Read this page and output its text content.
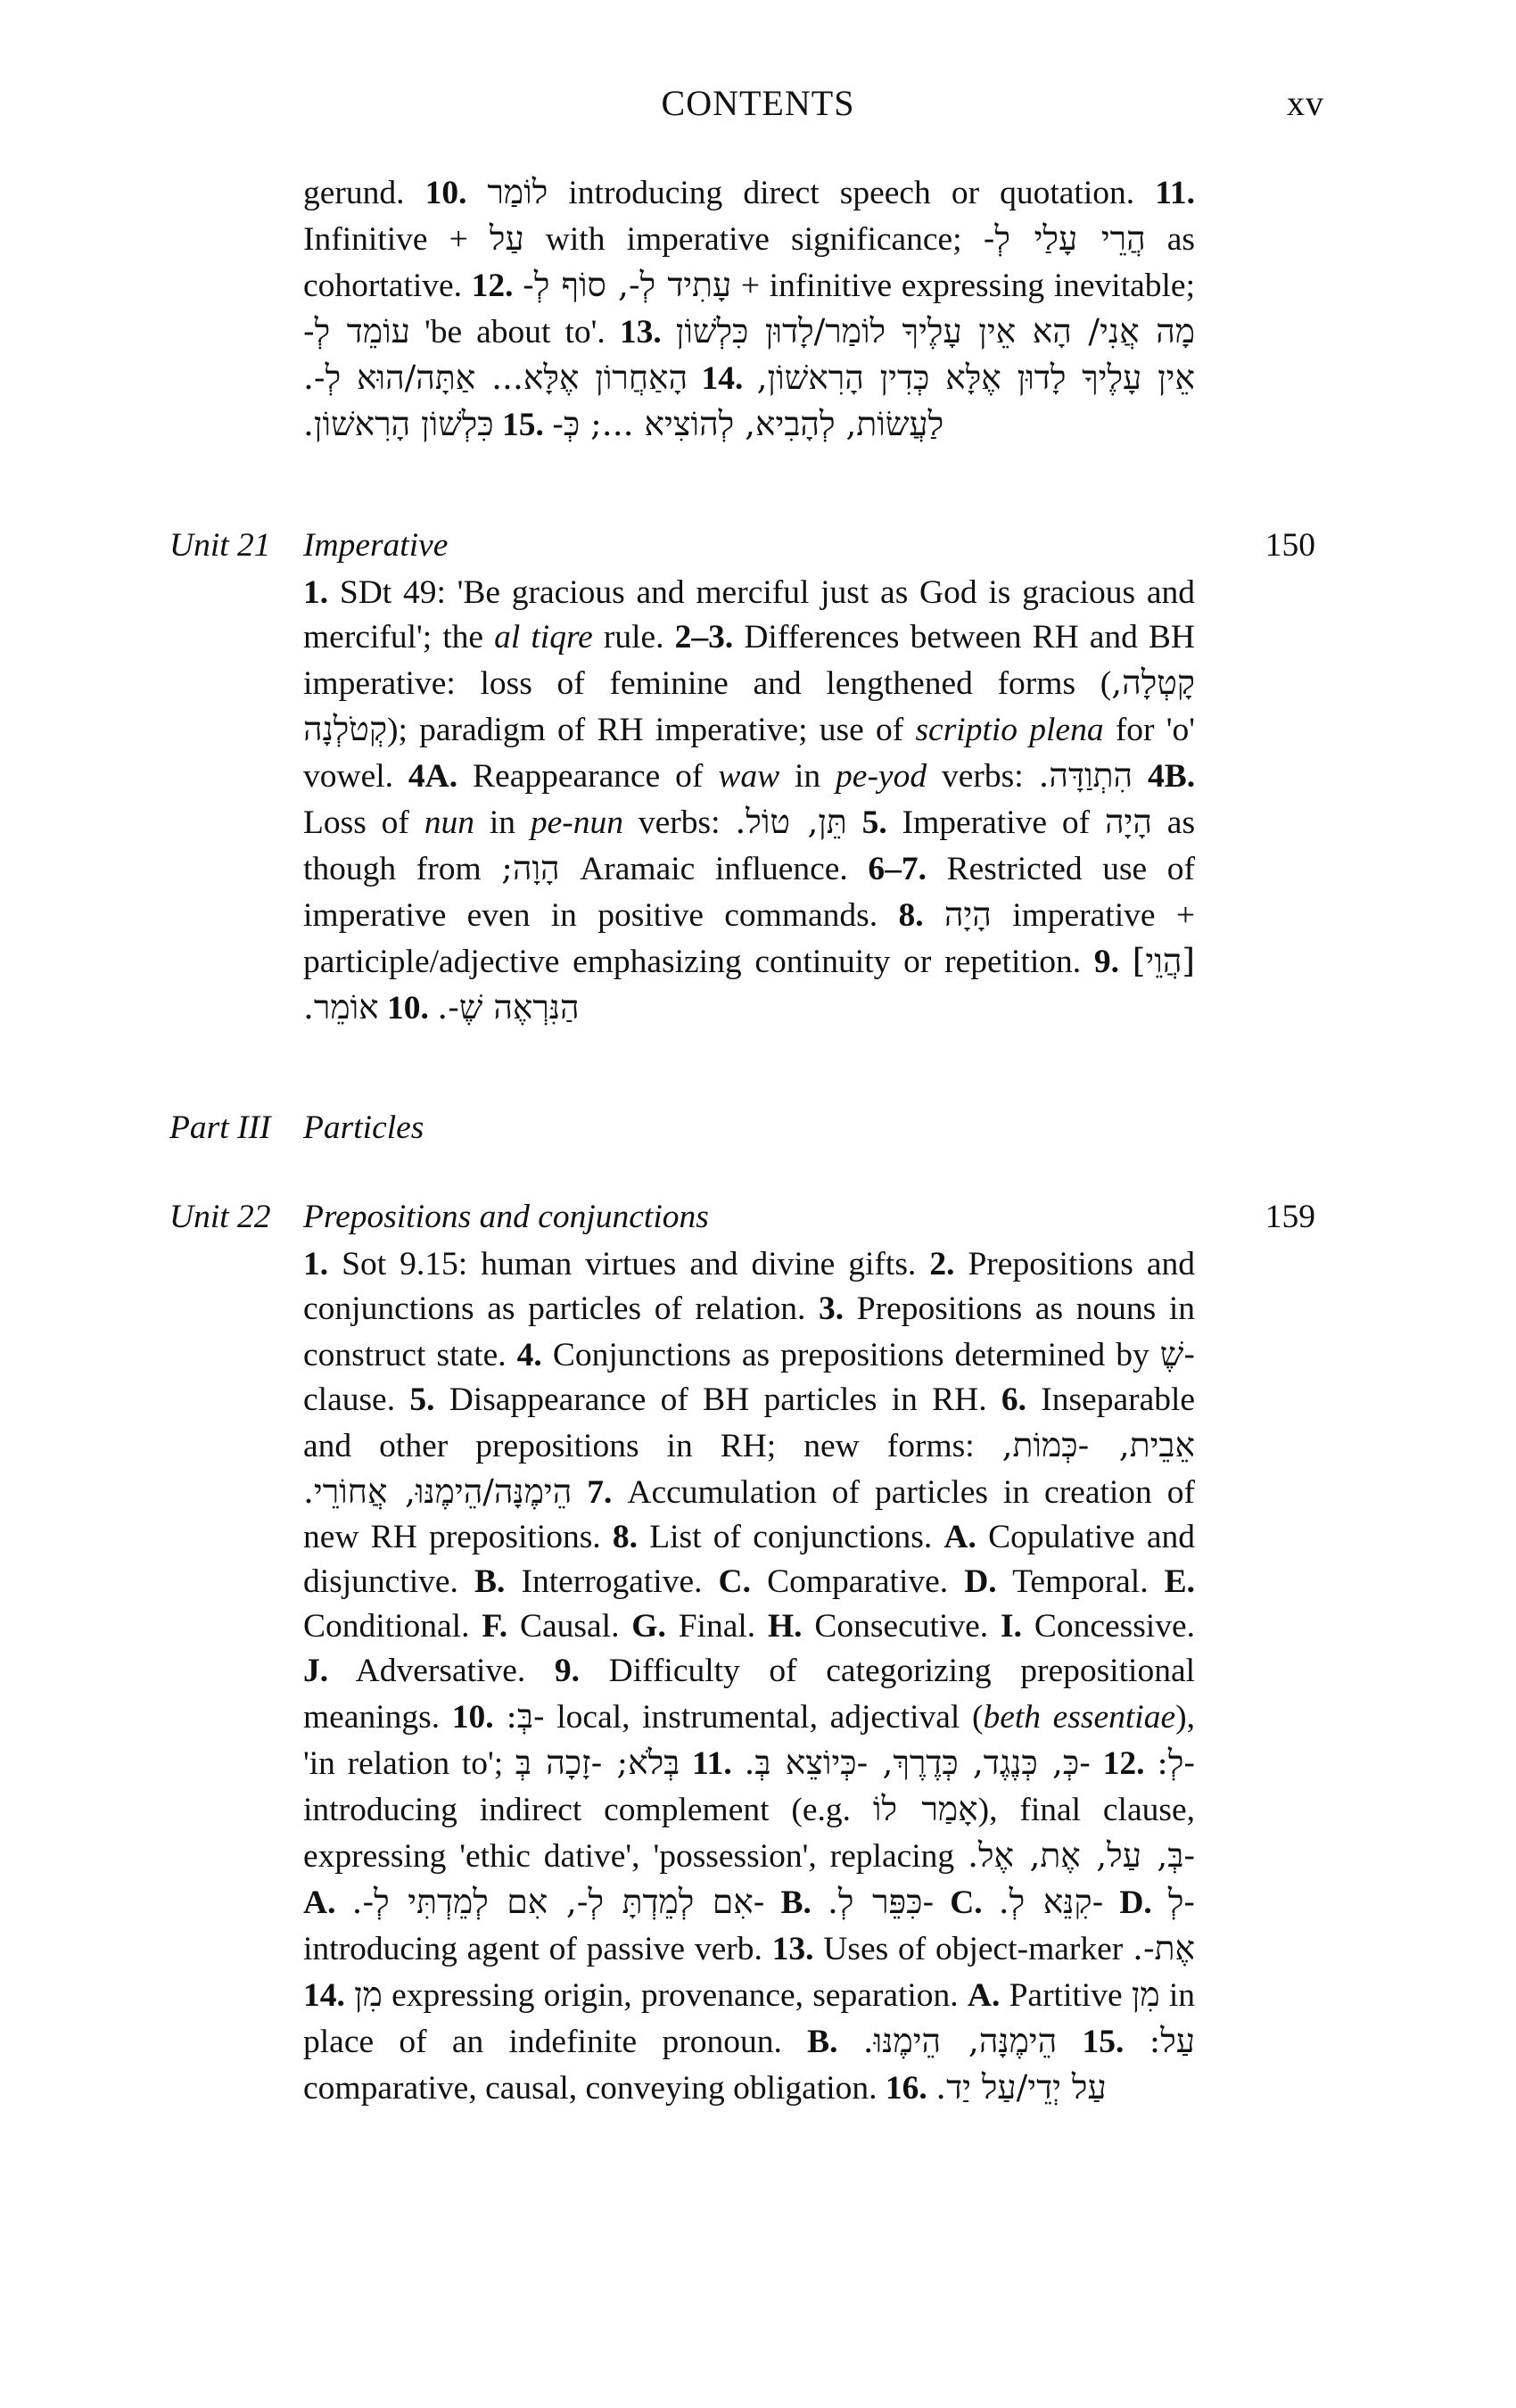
CONTENTS	xv
gerund. 10. לוֹמַר introducing direct speech or quotation. 11. Infinitive + עַל with imperative significance; הֲרֵי עָלַי לְ- as cohortative. 12. עָתִיד לְ-, סוֹף לְ- + infinitive expressing inevitable; עוֹמֵד לְ- 'be about to'. 13. מָה אֲנִי/ הָא אֵין עָלֶיךָ לוֹמַר/לָדוּן כִּלְשׁוֹן הָאַחֲרוֹן אֶלָּא... אַתָּה/הוּא לְ-. 14. אֵין עָלֶיךָ לָדוּן אֶלָּא כְּדִין הָרִאשׁוֹן, כִּלְשׁוֹן הָרִאשׁוֹן. 15. לַעֲשׂוֹת, לְהָבִיא, לְהוֹצִיא ...; כְּ-
Unit 21 Imperative	150
1. SDt 49: 'Be gracious and merciful just as God is gracious and merciful'; the al tiqre rule. 2–3. Differences between RH and BH imperative: loss of feminine and lengthened forms (קָטְלָה, קְטֹלְנָה); paradigm of RH imperative; use of scriptio plena for 'o' vowel. 4A. Reappearance of waw in pe-yod verbs: הִתְוַדָּה. 4B. Loss of nun in pe-nun verbs: תֵּן, טוֹל. 5. Imperative of הָיָה as though from הָוָה; Aramaic influence. 6–7. Restricted use of imperative even in positive commands. 8. הָיָה imperative + participle/adjective emphasizing continuity or repetition. 9. [הֲוֵי] אוֹמֵר. 10. הַנִּרְאֶה שֶׁ-.
Part III Particles
Unit 22 Prepositions and conjunctions	159
1. Sot 9.15: human virtues and divine gifts. 2. Prepositions and conjunctions as particles of relation. 3. Prepositions as nouns in construct state. 4. Conjunctions as prepositions determined by -שֶׁ clause. 5. Disappearance of BH particles in RH. 6. Inseparable and other prepositions in RH; new forms: אֵבֵית, -כְּמוֹת, הֵימֶנָּה/הֵימֶנּוּ, אֲחוֹרֵי. 7. Accumulation of particles in creation of new RH prepositions. 8. List of conjunctions. A. Copulative and disjunctive. B. Interrogative. C. Comparative. D. Temporal. E. Conditional. F. Causal. G. Final. H. Consecutive. I. Concessive. J. Adversative. 9. Difficulty of categorizing prepositional meanings. 10. -בְּ: local, instrumental, adjectival (beth essentiae), 'in relation to'; בְּלֹא; -זָכָה בְּ 11. -כְּ, כְּנֶגֶד, כְּדֶרֶךְ, -כְּיוֹצֵא בְּ. 12. -לְ: introducing indirect complement (e.g. אָמַר לוֹ), final clause, expressing 'ethic dative', 'possession', replacing -בְּ, עַל, אֶת, אֶל. A. -אִם לְמֵדְתָּ לְ-, אִם לְמֵדְתִּי לְ-. B. -כִּפֵּר לְ. C. -קִנֵּא לְ. D. -לְ introducing agent of passive verb. 13. Uses of object-marker אֶת-. 14. מִן expressing origin, provenance, separation. A. Partitive מִן in place of an indefinite pronoun. B. הֵימֶנָּה, הֵימֶנּוּ. 15. עַל: comparative, causal, conveying obligation. 16. עַל יְדֵי/עַל יַד.
